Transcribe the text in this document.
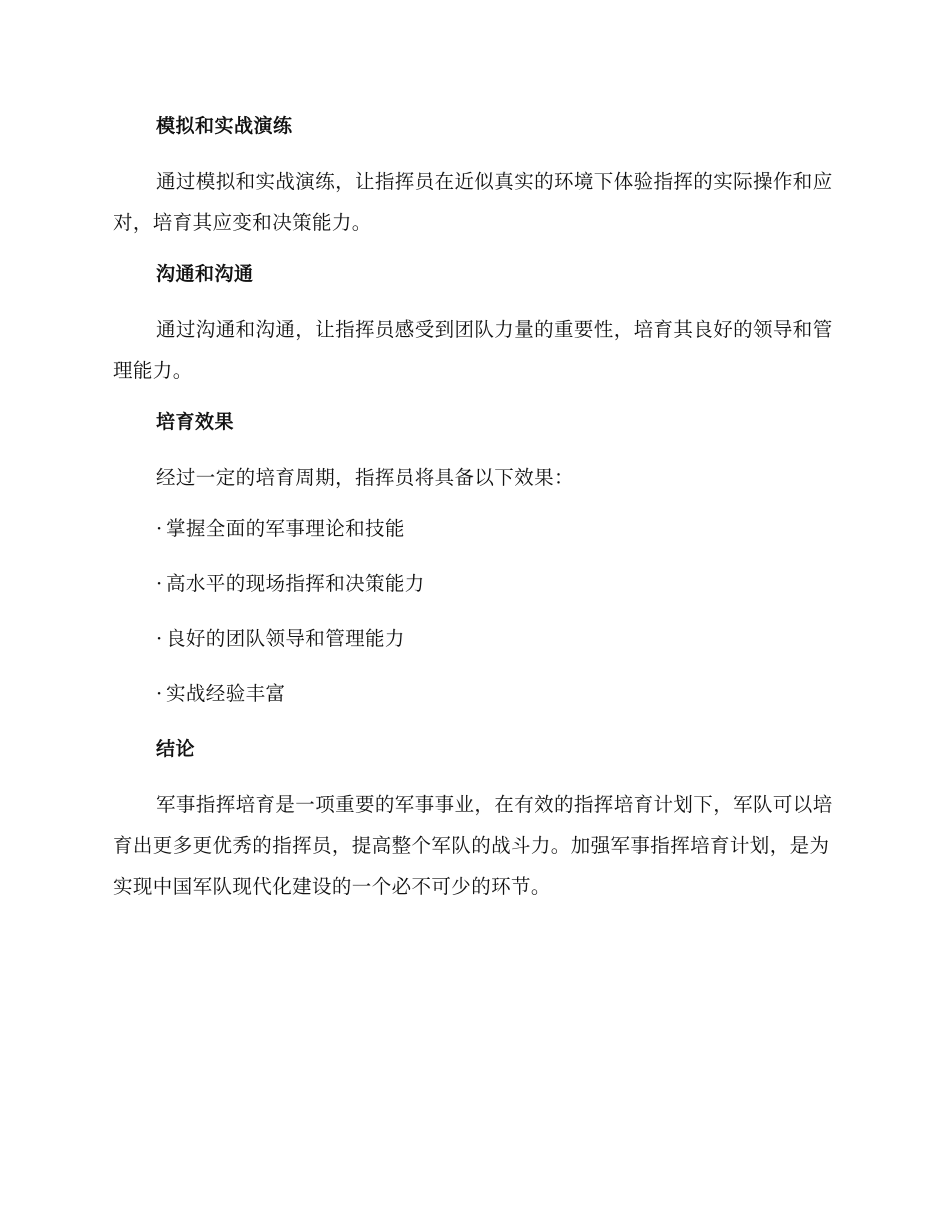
模拟和实战演练

通过模拟和实战演练，让指挥员在近似真实的环境下体验指挥的实际操作和应对，培育其应变和决策能力。

沟通和沟通

通过沟通和沟通，让指挥员感受到团队力量的重要性，培育其良好的领导和管理能力。

培育效果

经过一定的培育周期，指挥员将具备以下效果：

· 掌握全面的军事理论和技能
· 高水平的现场指挥和决策能力
· 良好的团队领导和管理能力
· 实战经验丰富
结论

军事指挥培育是一项重要的军事事业，在有效的指挥培育计划下，军队可以培育出更多更优秀的指挥员，提高整个军队的战斗力。加强军事指挥培育计划，是为实现中国军队现代化建设的一个必不可少的环节。
